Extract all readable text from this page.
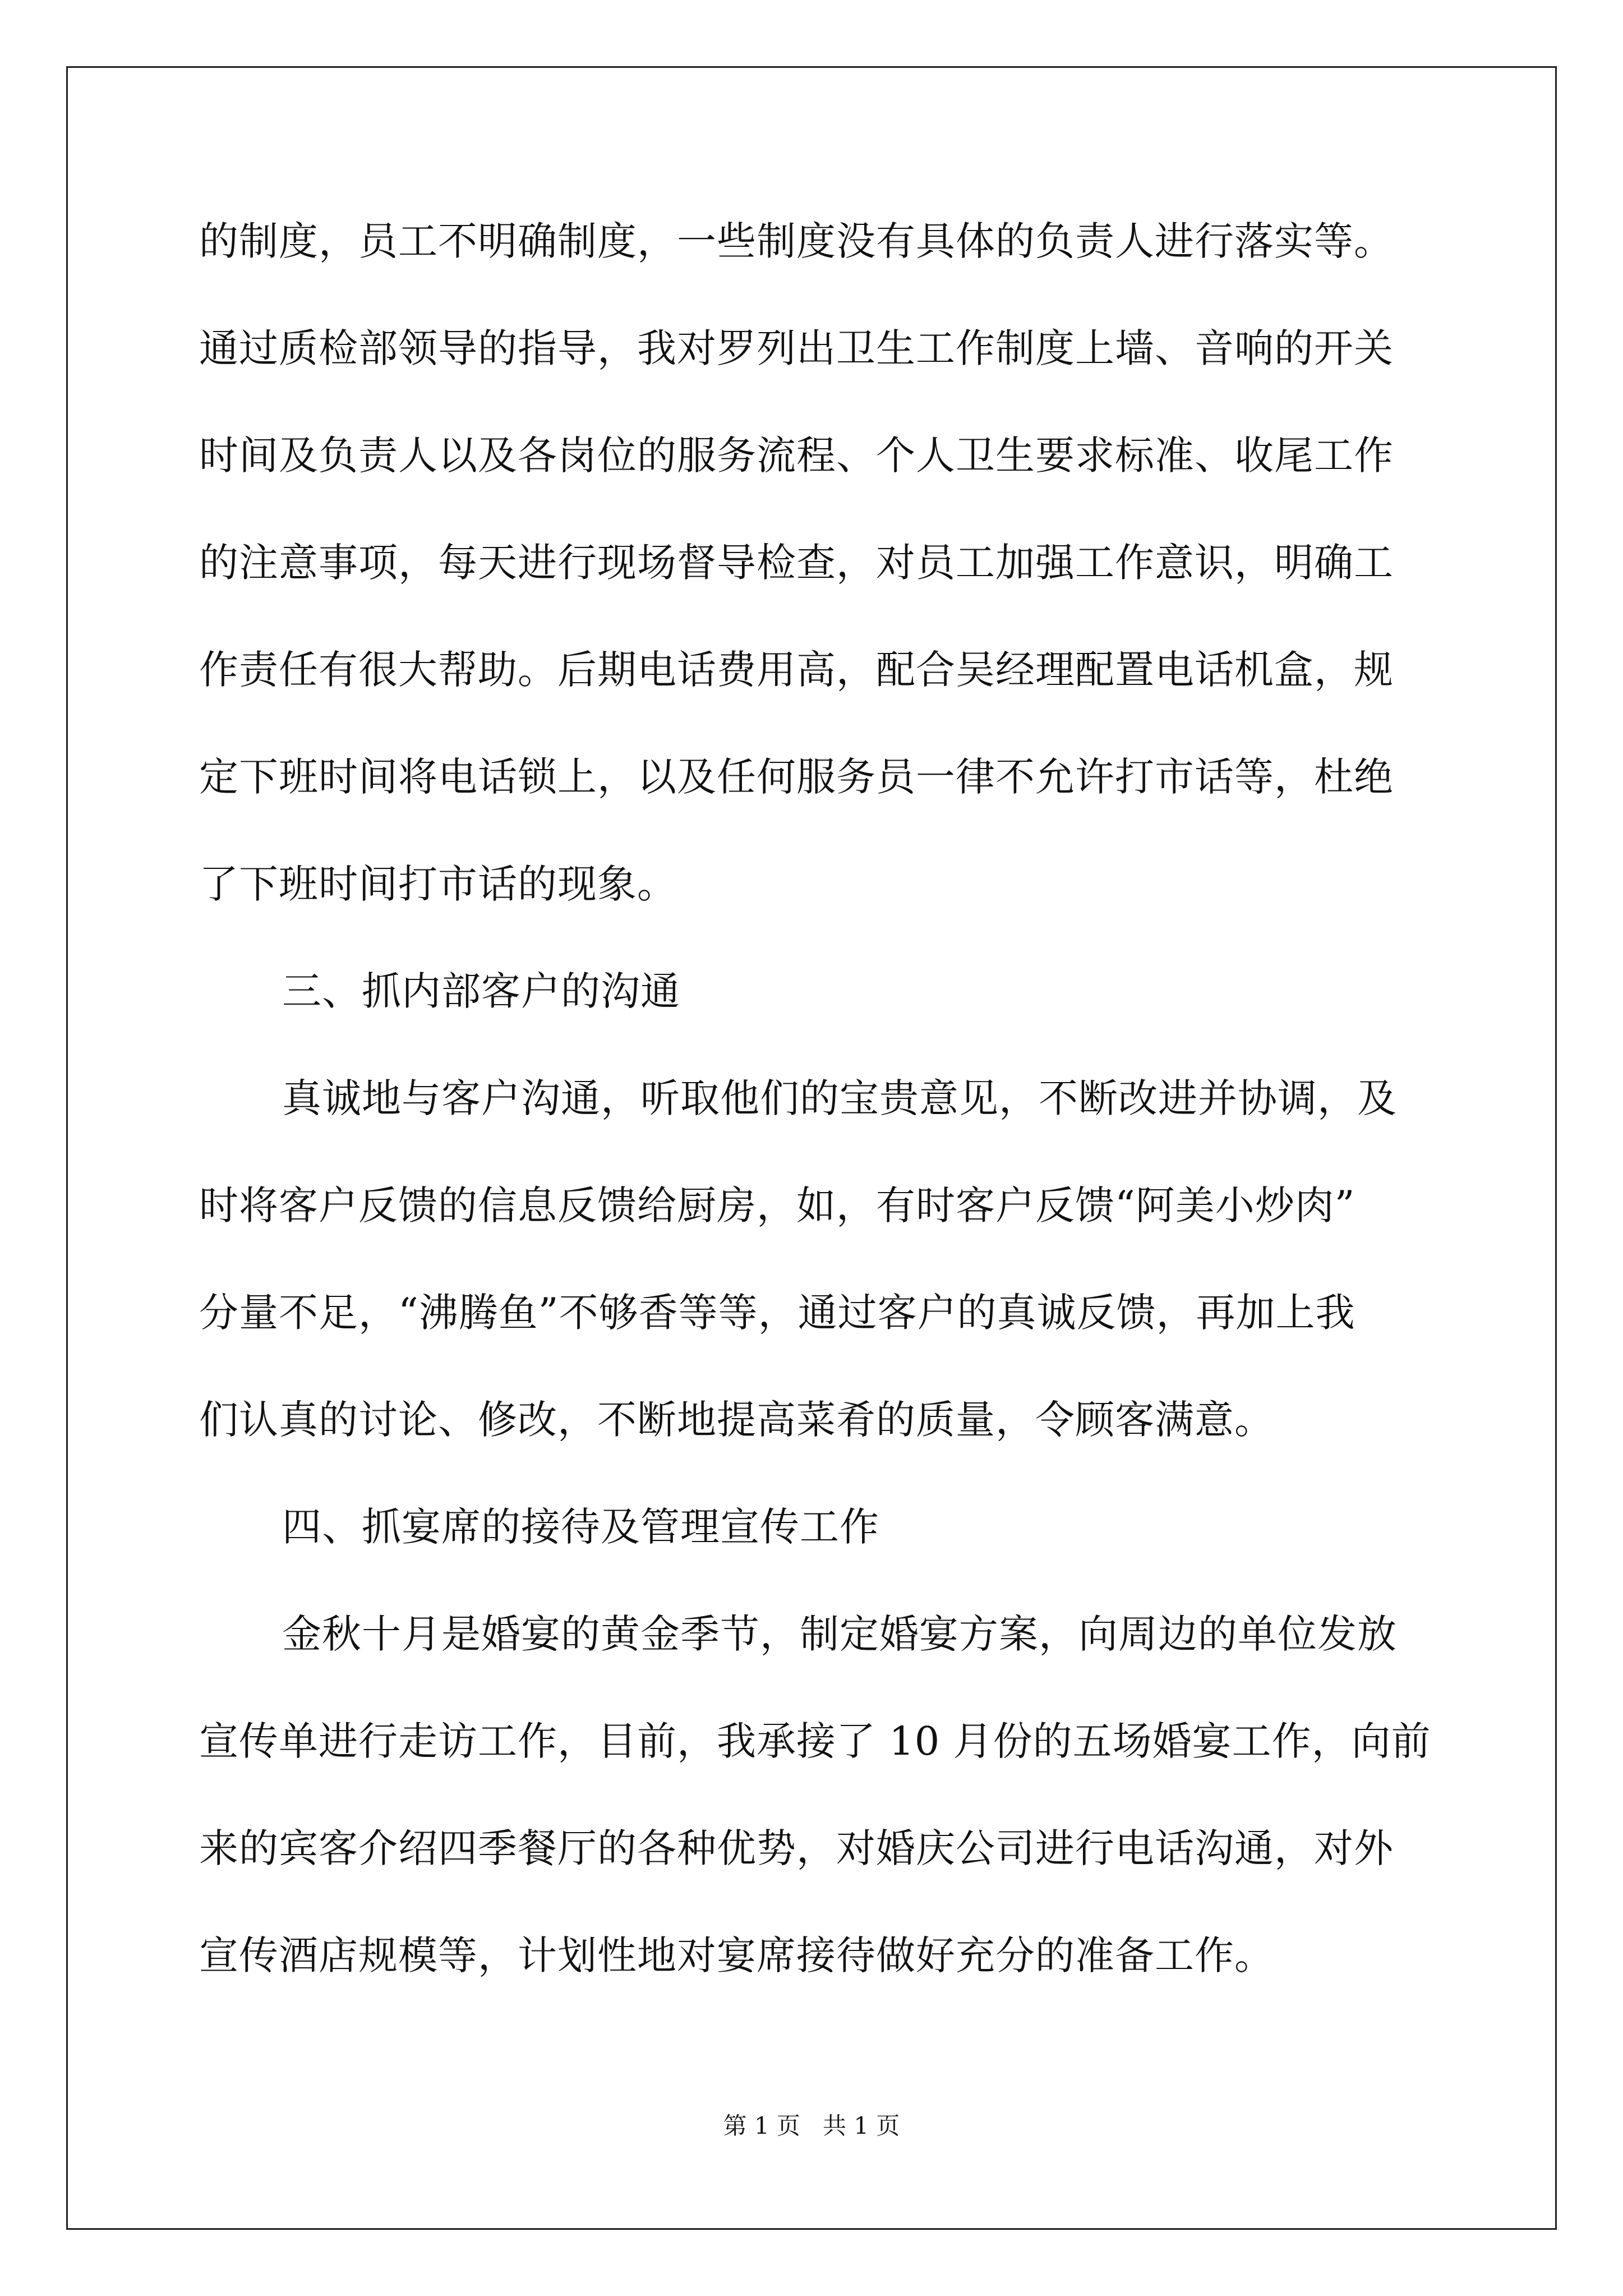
的制度，员工不明确制度，一些制度没有具体的负责人进行落实等。
通过质检部领导的指导，我对罗列出卫生工作制度上墙、音响的开关
时间及负责人以及各岗位的服务流程、个人卫生要求标准、收尾工作
的注意事项，每天进行现场督导检查，对员工加强工作意识，明确工
作责任有很大帮助。后期电话费用高，配合吴经理配置电话机盒，规
定下班时间将电话锁上，以及任何服务员一律不允许打市话等，杜绝
了下班时间打市话的现象。
三、抓内部客户的沟通
真诚地与客户沟通，听取他们的宝贵意见，不断改进并协调，及
时将客户反馈的信息反馈给厨房，如，有时客户反馈“阿美小炒肉”
分量不足，“沸腾鱼”不够香等等，通过客户的真诚反馈，再加上我
们认真的讨论、修改，不断地提高菜肴的质量，令顾客满意。
四、抓宴席的接待及管理宣传工作
金秋十月是婚宴的黄金季节，制定婚宴方案，向周边的单位发放
宣传单进行走访工作，目前，我承接了 10 月份的五场婚宴工作，向前
来的宾客介绍四季餐厅的各种优势，对婚庆公司进行电话沟通，对外
宣传酒店规模等，计划性地对宴席接待做好充分的准备工作。
第 1 页 共 1 页
